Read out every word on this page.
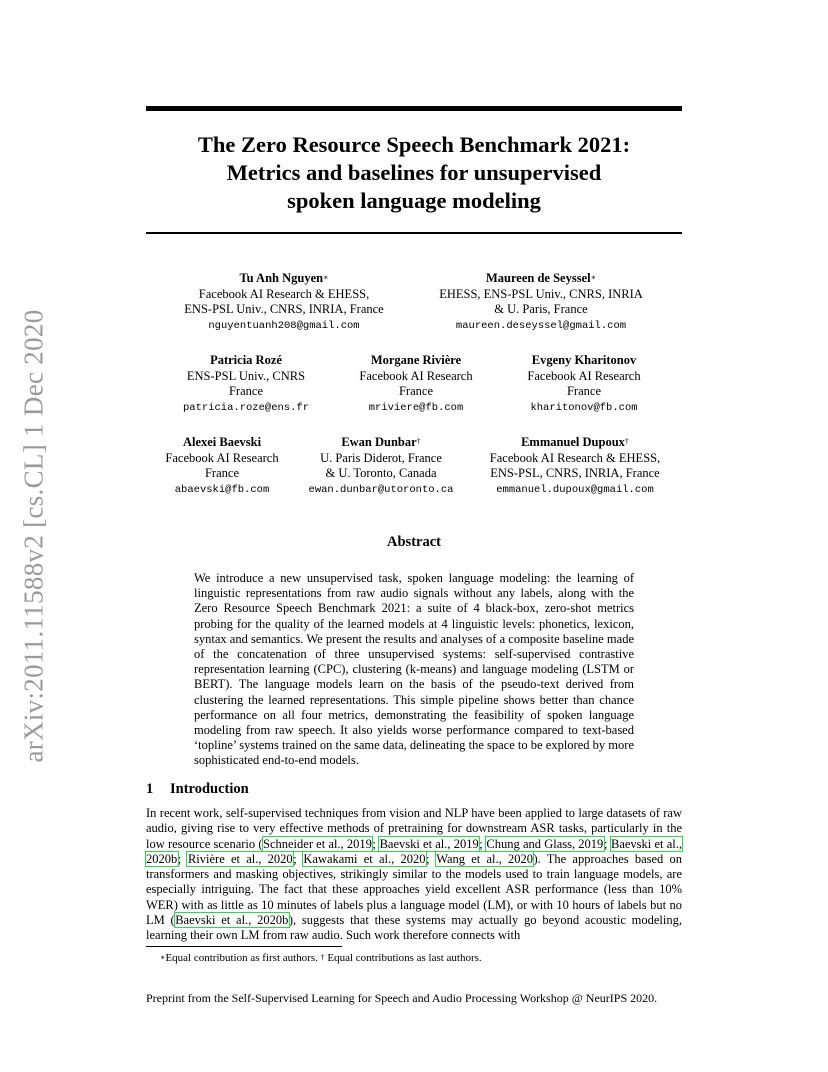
arXiv:2011.11588v2 [cs.CL] 1 Dec 2020
The Zero Resource Speech Benchmark 2021:
Metrics and baselines for unsupervised
spoken language modeling
Tu Anh Nguyen∗
Facebook AI Research & EHESS,
ENS-PSL Univ., CNRS, INRIA, France
nguyentuanh208@gmail.com
Maureen de Seyssel∗
EHESS, ENS-PSL Univ., CNRS, INRIA
& U. Paris, France
maureen.deseyssel@gmail.com
Patricia Rozé
ENS-PSL Univ., CNRS
France
patricia.roze@ens.fr
Morgane Rivière
Facebook AI Research
France
mriviere@fb.com
Evgeny Kharitonov
Facebook AI Research
France
kharitonov@fb.com
Alexei Baevski
Facebook AI Research
France
abaevski@fb.com
Ewan Dunbar†
U. Paris Diderot, France
& U. Toronto, Canada
ewan.dunbar@utoronto.ca
Emmanuel Dupoux†
Facebook AI Research & EHESS,
ENS-PSL, CNRS, INRIA, France
emmanuel.dupoux@gmail.com
Abstract

We introduce a new unsupervised task, spoken language modeling: the learning of linguistic representations from raw audio signals without any labels, along with the Zero Resource Speech Benchmark 2021: a suite of 4 black-box, zero-shot metrics probing for the quality of the learned models at 4 linguistic levels: phonetics, lexicon, syntax and semantics. We present the results and analyses of a composite baseline made of the concatenation of three unsupervised systems: self-supervised contrastive representation learning (CPC), clustering (k-means) and language modeling (LSTM or BERT). The language models learn on the basis of the pseudo-text derived from clustering the learned representations. This simple pipeline shows better than chance performance on all four metrics, demonstrating the feasibility of spoken language modeling from raw speech. It also yields worse performance compared to text-based ‘topline’ systems trained on the same data, delineating the space to be explored by more sophisticated end-to-end models.

1 Introduction

In recent work, self-supervised techniques from vision and NLP have been applied to large datasets of raw audio, giving rise to very effective methods of pretraining for downstream ASR tasks, particularly in the low resource scenario (Schneider et al., 2019; Baevski et al., 2019; Chung and Glass, 2019; Baevski et al., 2020b; Rivière et al., 2020; Kawakami et al., 2020; Wang et al., 2020). The approaches based on transformers and masking objectives, strikingly similar to the models used to train language models, are especially intriguing. The fact that these approaches yield excellent ASR performance (less than 10% WER) with as little as 10 minutes of labels plus a language model (LM), or with 10 hours of labels but no LM (Baevski et al., 2020b), suggests that these systems may actually go beyond acoustic modeling, learning their own LM from raw audio. Such work therefore connects with

∗Equal contribution as first authors. † Equal contributions as last authors.
Preprint from the Self-Supervised Learning for Speech and Audio Processing Workshop @ NeurIPS 2020.
